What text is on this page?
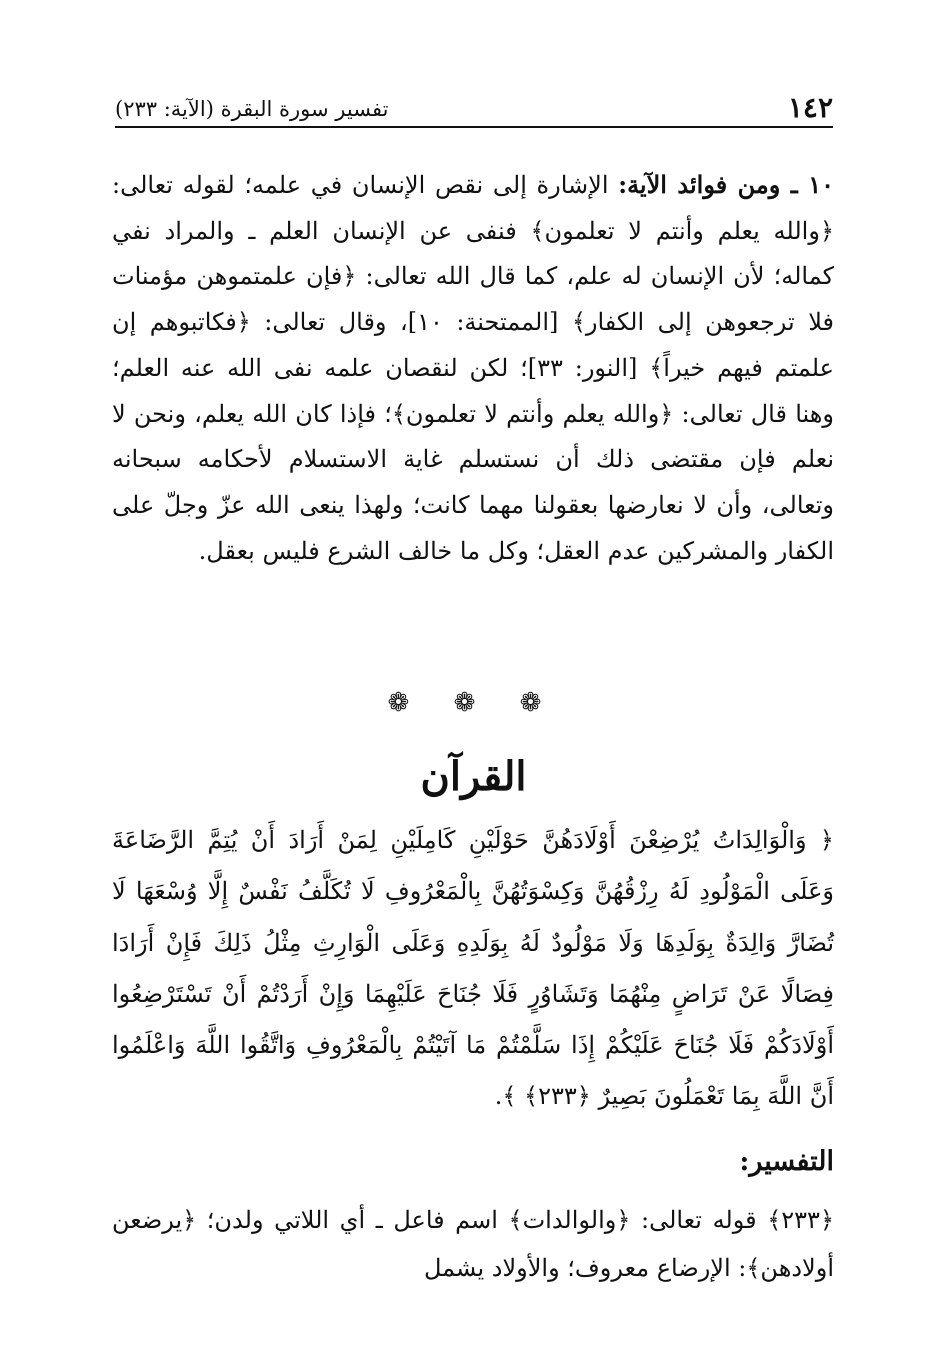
١٤٢
تفسير سورة البقرة (الآية: ٢٣٣)

١٠ ـ ومن فوائد الآية: الإشارة إلى نقص الإنسان في علمه؛ لقوله تعالى: ﴿والله يعلم وأنتم لا تعلمون﴾ فنفى عن الإنسان العلم ـ والمراد نفي كماله؛ لأن الإنسان له علم، كما قال الله تعالى: ﴿فإن علمتموهن مؤمنات فلا ترجعوهن إلى الكفار﴾ [الممتحنة: ١٠]، وقال تعالى: ﴿فكاتبوهم إن علمتم فيهم خيراً﴾ [النور: ٣٣]؛ لكن لنقصان علمه نفى الله عنه العلم؛ وهنا قال تعالى: ﴿والله يعلم وأنتم لا تعلمون﴾؛ فإذا كان الله يعلم، ونحن لا نعلم فإن مقتضى ذلك أن نستسلم غاية الاستسلام لأحكامه سبحانه وتعالى، وأن لا نعارضها بعقولنا مهما كانت؛ ولهذا ينعى الله عزّ وجلّ على الكفار والمشركين عدم العقل؛ وكل ما خالف الشرع فليس بعقل.

❁ ❁ ❁
القرآن

﴿ وَالْوَالِدَاتُ يُرْضِعْنَ أَوْلَادَهُنَّ حَوْلَيْنِ كَامِلَيْنِ لِمَنْ أَرَادَ أَنْ يُتِمَّ الرَّضَاعَةَ وَعَلَى الْمَوْلُودِ لَهُ رِزْقُهُنَّ وَكِسْوَتُهُنَّ بِالْمَعْرُوفِ لَا تُكَلَّفُ نَفْسٌ إِلَّا وُسْعَهَا لَا تُضَارَّ وَالِدَةٌ بِوَلَدِهَا وَلَا مَوْلُودٌ لَهُ بِوَلَدِهِ وَعَلَى الْوَارِثِ مِثْلُ ذَلِكَ فَإِنْ أَرَادَا فِصَالًا عَنْ تَرَاضٍ مِنْهُمَا وَتَشَاوُرٍ فَلَا جُنَاحَ عَلَيْهِمَا وَإِنْ أَرَدْتُمْ أَنْ تَسْتَرْضِعُوا أَوْلَادَكُمْ فَلَا جُنَاحَ عَلَيْكُمْ إِذَا سَلَّمْتُمْ مَا آتَيْتُمْ بِالْمَعْرُوفِ وَاتَّقُوا اللَّهَ وَاعْلَمُوا أَنَّ اللَّهَ بِمَا تَعْمَلُونَ بَصِيرٌ ﴿٢٣٣﴾ ﴾.

التفسير:

﴿٢٣٣﴾ قوله تعالى: ﴿والوالدات﴾ اسم فاعل ـ أي اللاتي ولدن؛ ﴿يرضعن أولادهن﴾: الإرضاع معروف؛ والأولاد يشمل
